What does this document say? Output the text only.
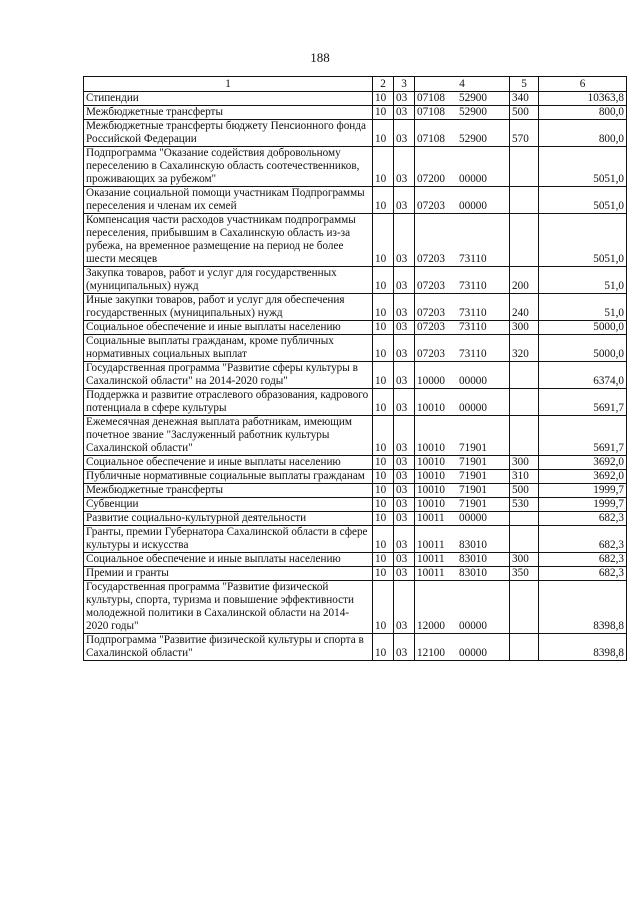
188
1	2	3	4	5	6
Стипендии	10	03	07108 52900	340	10363,8
Межбюджетные трансферты	10	03	07108 52900	500	800,0
Межбюджетные трансферты бюджету Пенсионного фонда Российской Федерации	10	03	07108 52900	570	800,0
Подпрограмма "Оказание содействия добровольному переселению в Сахалинскую область соотечественников, проживающих за рубежом"	10	03	07200 00000		5051,0
Оказание социальной помощи участникам Подпрограммы переселения и членам их семей	10	03	07203 00000		5051,0
Компенсация части расходов участникам подпрограммы переселения, прибывшим в Сахалинскую область из-за рубежа, на временное размещение на период не более шести месяцев	10	03	07203 73110		5051,0
Закупка товаров, работ и услуг для государственных (муниципальных) нужд	10	03	07203 73110	200	51,0
Иные закупки товаров, работ и услуг для обеспечения государственных (муниципальных) нужд	10	03	07203 73110	240	51,0
Социальное обеспечение и иные выплаты населению	10	03	07203 73110	300	5000,0
Социальные выплаты гражданам, кроме публичных нормативных социальных выплат	10	03	07203 73110	320	5000,0
Государственная программа "Развитие сферы культуры в Сахалинской области" на 2014-2020 годы"	10	03	10000 00000		6374,0
Поддержка и развитие отраслевого образования, кадрового потенциала в сфере культуры	10	03	10010 00000		5691,7
Ежемесячная денежная выплата работникам, имеющим почетное звание "Заслуженный работник культуры Сахалинской области"	10	03	10010 71901		5691,7
Социальное обеспечение и иные выплаты населению	10	03	10010 71901	300	3692,0
Публичные нормативные социальные выплаты гражданам	10	03	10010 71901	310	3692,0
Межбюджетные трансферты	10	03	10010 71901	500	1999,7
Субвенции	10	03	10010 71901	530	1999,7
Развитие социально-культурной деятельности	10	03	10011 00000		682,3
Гранты, премии Губернатора Сахалинской области в сфере культуры и искусства	10	03	10011 83010		682,3
Социальное обеспечение и иные выплаты населению	10	03	10011 83010	300	682,3
Премии и гранты	10	03	10011 83010	350	682,3
Государственная программа "Развитие физической культуры, спорта, туризма и повышение эффективности молодежной политики в Сахалинской области на 2014-2020 годы"	10	03	12000 00000		8398,8
Подпрограмма "Развитие физической культуры и спорта в Сахалинской области"	10	03	12100 00000		8398,8
